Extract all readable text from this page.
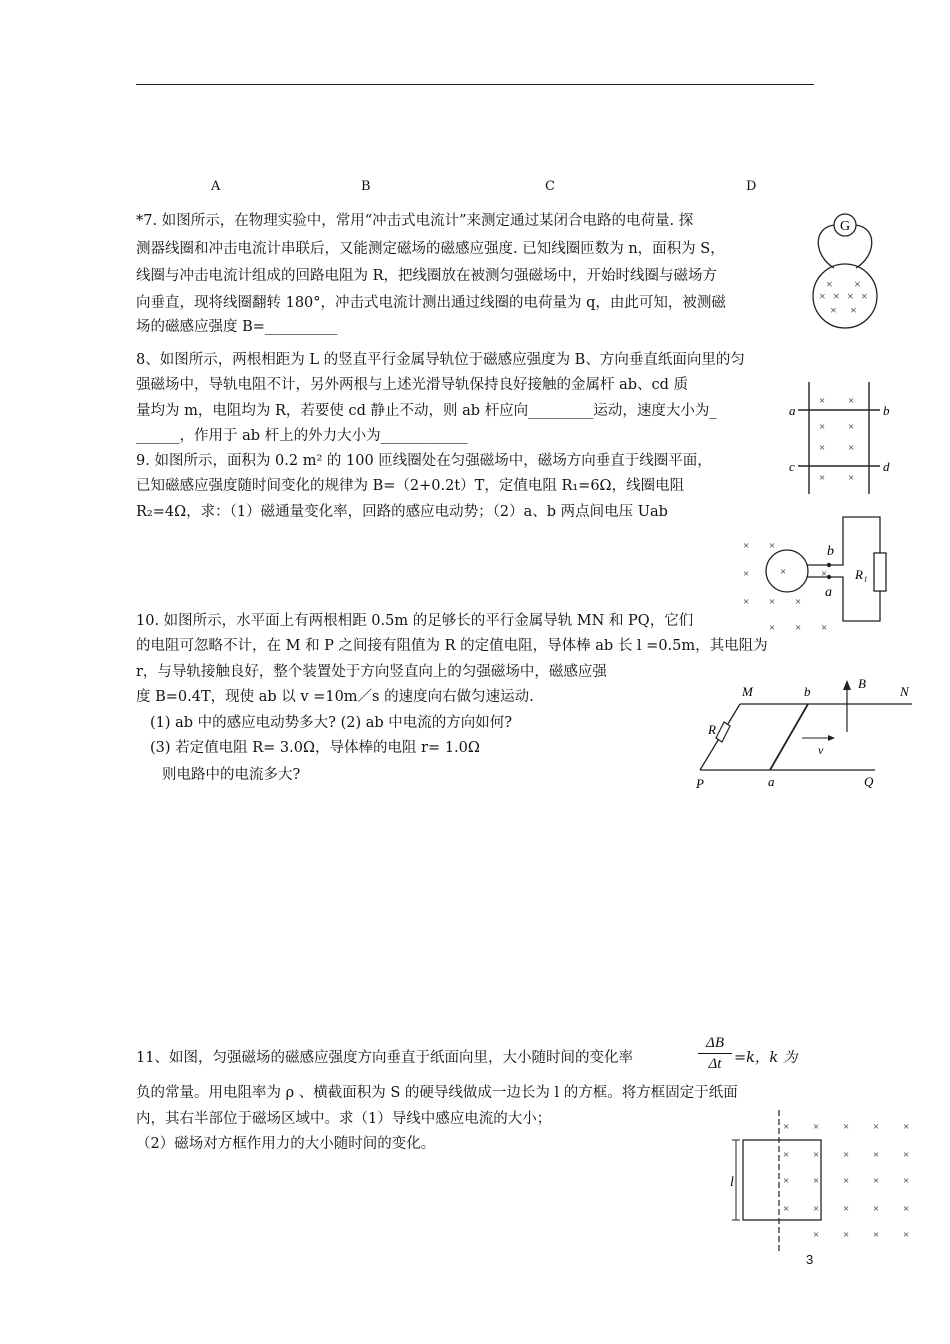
A	B	C	D
*7. 如图所示，在物理实验中，常用“冲击式电流计”来测定通过某闭合电路的电荷量. 探
测器线圈和冲击电流计串联后，又能测定磁场的磁感应强度. 已知线圈匝数为 n，面积为 S，
线圈与冲击电流计组成的回路电阻为 R，把线圈放在被测匀强磁场中，开始时线圈与磁场方
向垂直，现将线圈翻转 180°，冲击式电流计测出通过线圈的电荷量为 q，由此可知，被测磁
场的磁感应强度 B=__________
G
× × × ×
× ×
× ×
8、如图所示，两根相距为 L 的竖直平行金属导轨位于磁感应强度为 B、方向垂直纸面向里的匀
强磁场中，导轨电阻不计，另外两根与上述光滑导轨保持良好接触的金属杆 ab、cd 质
量均为 m，电阻均为 R，若要使 cd 静止不动，则 ab 杆应向_________运动，速度大小为_
______，作用于 ab 杆上的外力大小为____________
a	b
c	d
× ×
× ×
× ×
× ×
9. 如图所示，面积为 0.2 m² 的 100 匝线圈处在匀强磁场中，磁场方向垂直于线圈平面，
已知磁感应强度随时间变化的规律为 B=（2+0.2t）T，定值电阻 R₁=6Ω，线圈电阻
R₂=4Ω，求：（1）磁通量变化率，回路的感应电动势；（2）a、b 两点间电压 Uab
×
×
×
×
× ×
×
× × ×
×
b
a
R₁
10. 如图所示，水平面上有两根相距 0.5m 的足够长的平行金属导轨 MN 和 PQ，它们
的电阻可忽略不计，在 M 和 P 之间接有阻值为 R 的定值电阻，导体棒 ab 长 l =0.5m，其电阻为
r，与导轨接触良好，整个装置处于方向竖直向上的匀强磁场中，磁感应强
度 B=0.4T，现使 ab 以 v =10m／s 的速度向右做匀速运动.
(1) ab 中的感应电动势多大? (2) ab 中电流的方向如何?
(3) 若定值电阻 R= 3.0Ω，导体棒的电阻 r= 1.0Ω
则电路中的电流多大?
M	b
B
N
R
v
P	a	Q
11、如图，匀强磁场的磁感应强度方向垂直于纸面向里，大小随时间的变化率
ΔB
Δt =k，k 为
负的常量。用电阻率为 ρ 、横截面积为 S 的硬导线做成一边长为 l 的方框。将方框固定于纸面
内，其右半部位于磁场区域中。求（1）导线中感应电流的大小；
（2）磁场对方框作用力的大小随时间的变化。
l
× × × × ×
× × × × ×
× × × × ×
× × × × ×
× × × ×
3
